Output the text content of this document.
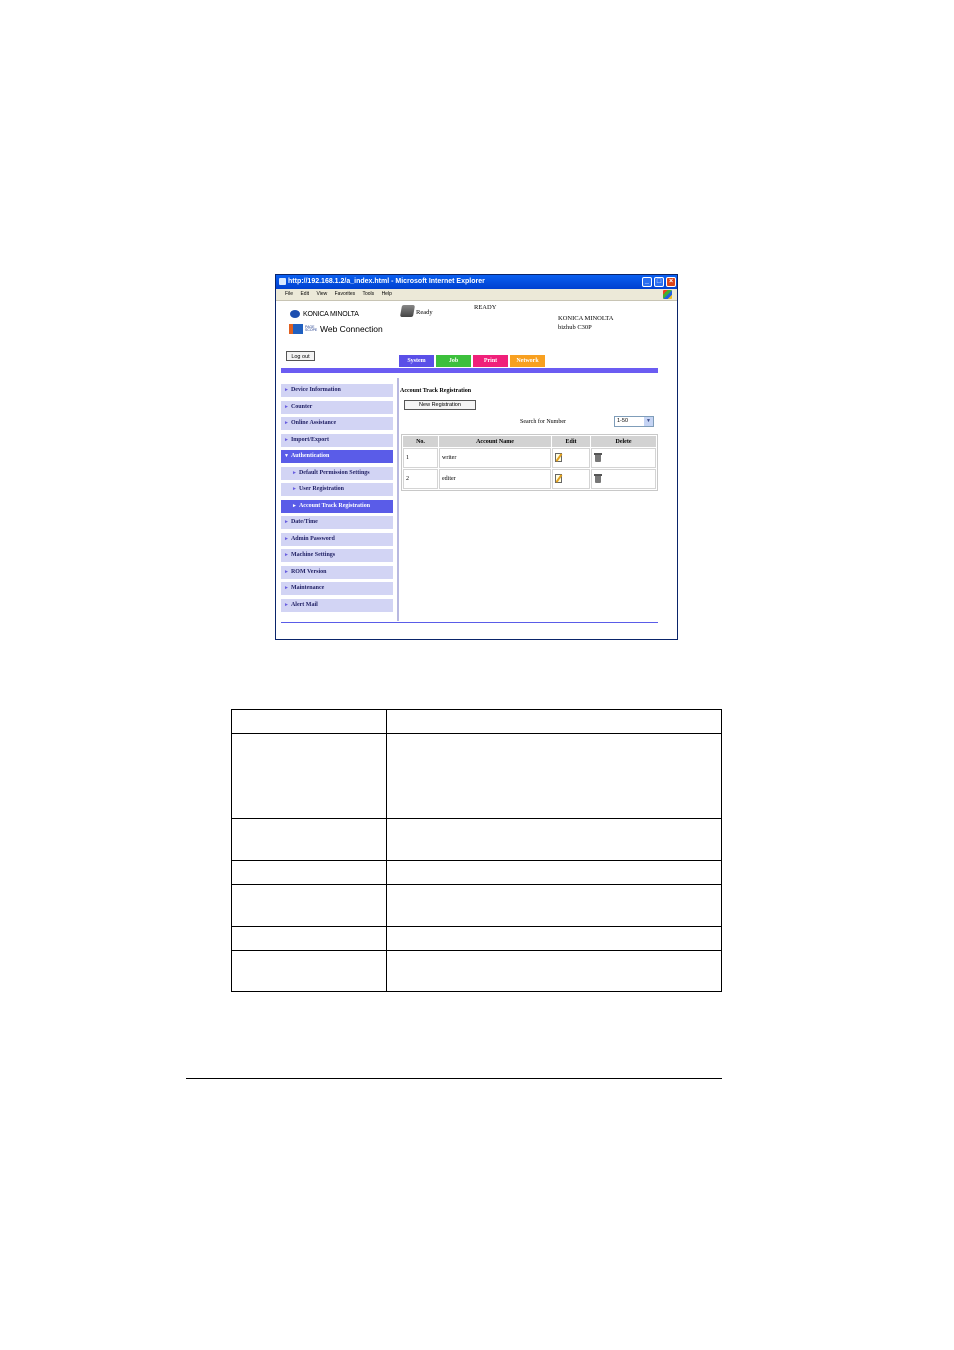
http://192.168.1.2/a_index.html - Microsoft Internet Explorer	_	□	×
File Edit View Favorites Tools Help
KONICA MINOLTA
PAGE SCOPE Web Connection
Ready
READY
KONICA MINOLTA
bizhub C30P
Log out
System	Job	Print	Network
► Device Information
► Counter
► Online Assistance
► Import/Export
▼ Authentication
► Default Permission Settings
► User Registration
► Account Track Registration
► Date/Time
► Admin Password
► Machine Settings
► ROM Version
► Maintenance
► Alert Mail
Account Track Registration
New Registration
Search for Number	1-50	▼
No.	Account Name	Edit	Delete
1	writer		
2	editer		
